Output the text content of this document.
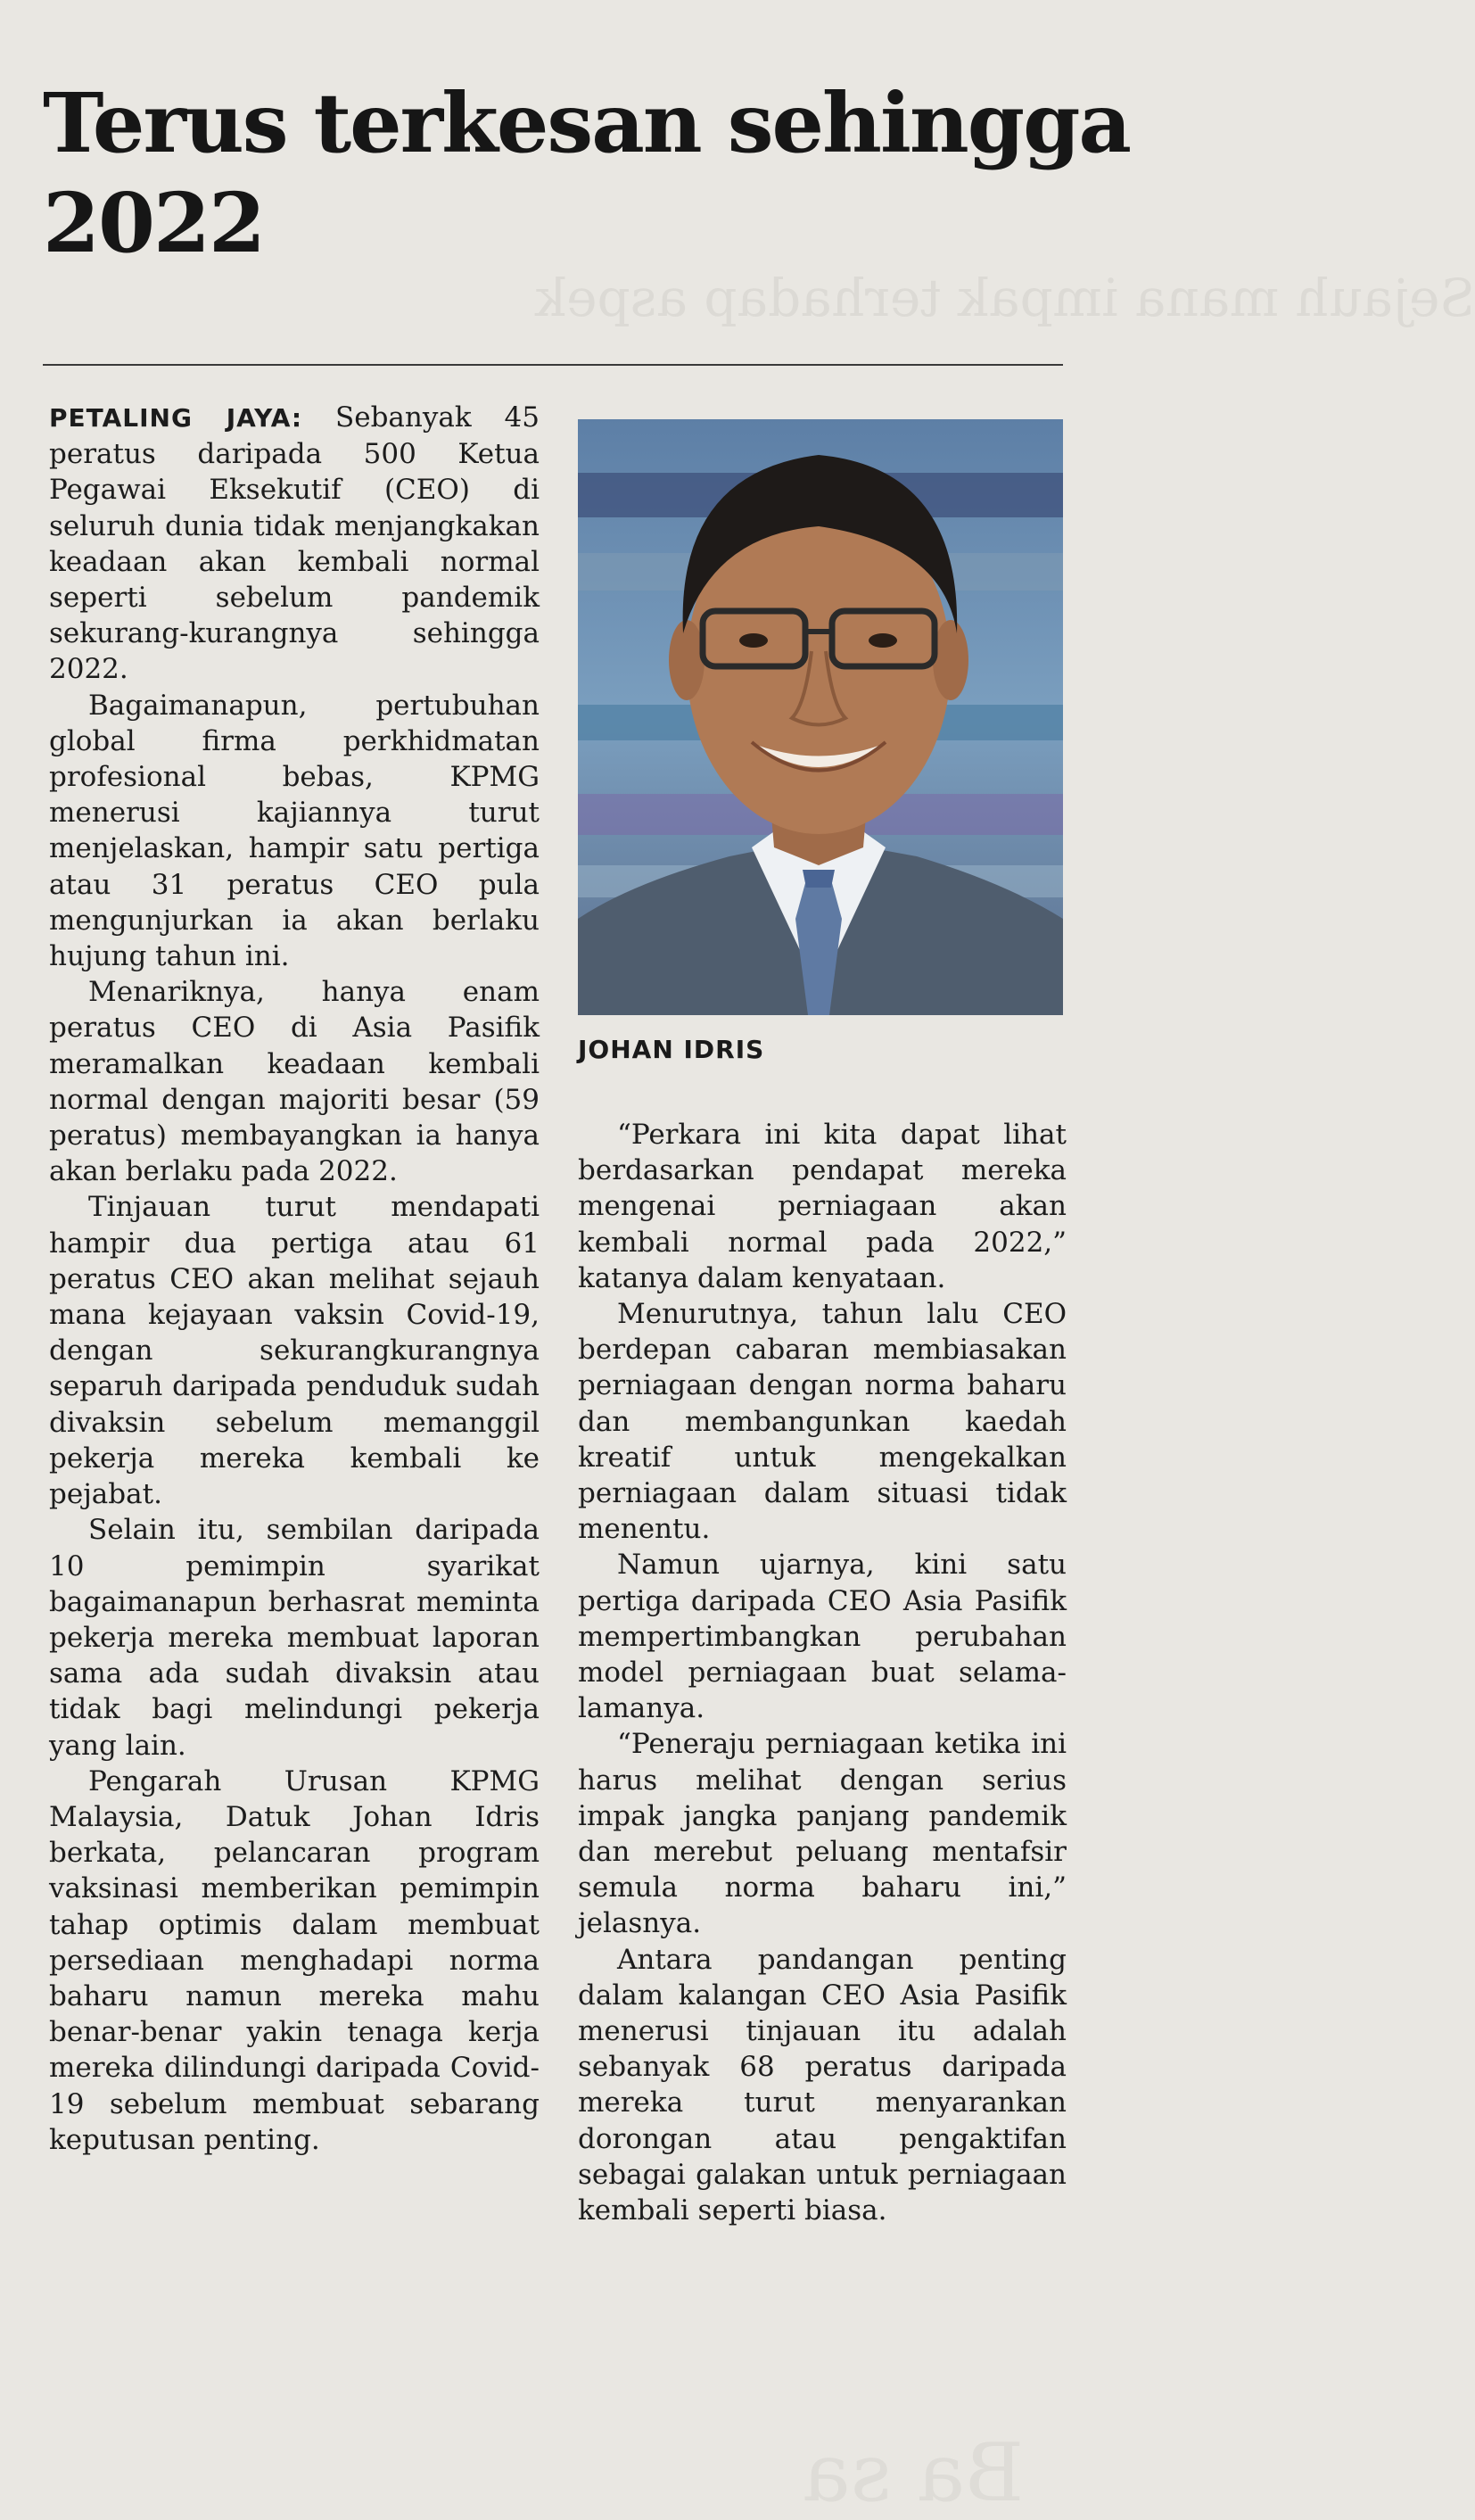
Sejauh mana impak terhadap aspek
Ba sa
Terus terkesan sehingga 2022

PETALING JAYA: Sebanyak 45 peratus daripada 500 Ketua Pegawai Eksekutif (CEO) di seluruh dunia tidak menjangkakan keadaan akan kembali normal seperti sebelum pandemik sekurang-kurangnya sehingga 2022.

Bagaimanapun, pertubuhan global firma perkhidmatan profesional bebas, KPMG menerusi kajiannya turut menjelaskan, hampir satu pertiga atau 31 peratus CEO pula mengunjurkan ia akan berlaku hujung tahun ini.

Menariknya, hanya enam peratus CEO di Asia Pasifik meramalkan keadaan kembali normal dengan majoriti besar (59 peratus) membayangkan ia hanya akan berlaku pada 2022.

Tinjauan turut mendapati hampir dua pertiga atau 61 peratus CEO akan melihat sejauh mana kejayaan vaksin Covid-19, dengan sekurangkurangnya separuh daripada penduduk sudah divaksin sebelum memanggil pekerja mereka kembali ke pejabat.

Selain itu, sembilan daripada 10 pemimpin syarikat bagaimanapun berhasrat meminta pekerja mereka membuat laporan sama ada sudah divaksin atau tidak bagi melindungi pekerja yang lain.

Pengarah Urusan KPMG Malaysia, Datuk Johan Idris berkata, pelancaran program vaksinasi memberikan pemimpin tahap optimis dalam membuat persediaan menghadapi norma baharu namun mereka mahu benar-benar yakin tenaga kerja mereka dilindungi daripada Covid-19 sebelum membuat sebarang keputusan penting.

JOHAN IDRIS

“Perkara ini kita dapat lihat berdasarkan pendapat mereka mengenai perniagaan akan kembali normal pada 2022,” katanya dalam kenyataan.

Menurutnya, tahun lalu CEO berdepan cabaran membiasakan perniagaan dengan norma baharu dan membangunkan kaedah kreatif untuk mengekalkan perniagaan dalam situasi tidak menentu.

Namun ujarnya, kini satu pertiga daripada CEO Asia Pasifik mempertimbangkan perubahan model perniagaan buat selama-lamanya.

“Peneraju perniagaan ketika ini harus melihat dengan serius impak jangka panjang pandemik dan merebut peluang mentafsir semula norma baharu ini,” jelasnya.

Antara pandangan penting dalam kalangan CEO Asia Pasifik menerusi tinjauan itu adalah sebanyak 68 peratus daripada mereka turut menyarankan dorongan atau pengaktifan sebagai galakan untuk perniagaan kembali seperti biasa.
